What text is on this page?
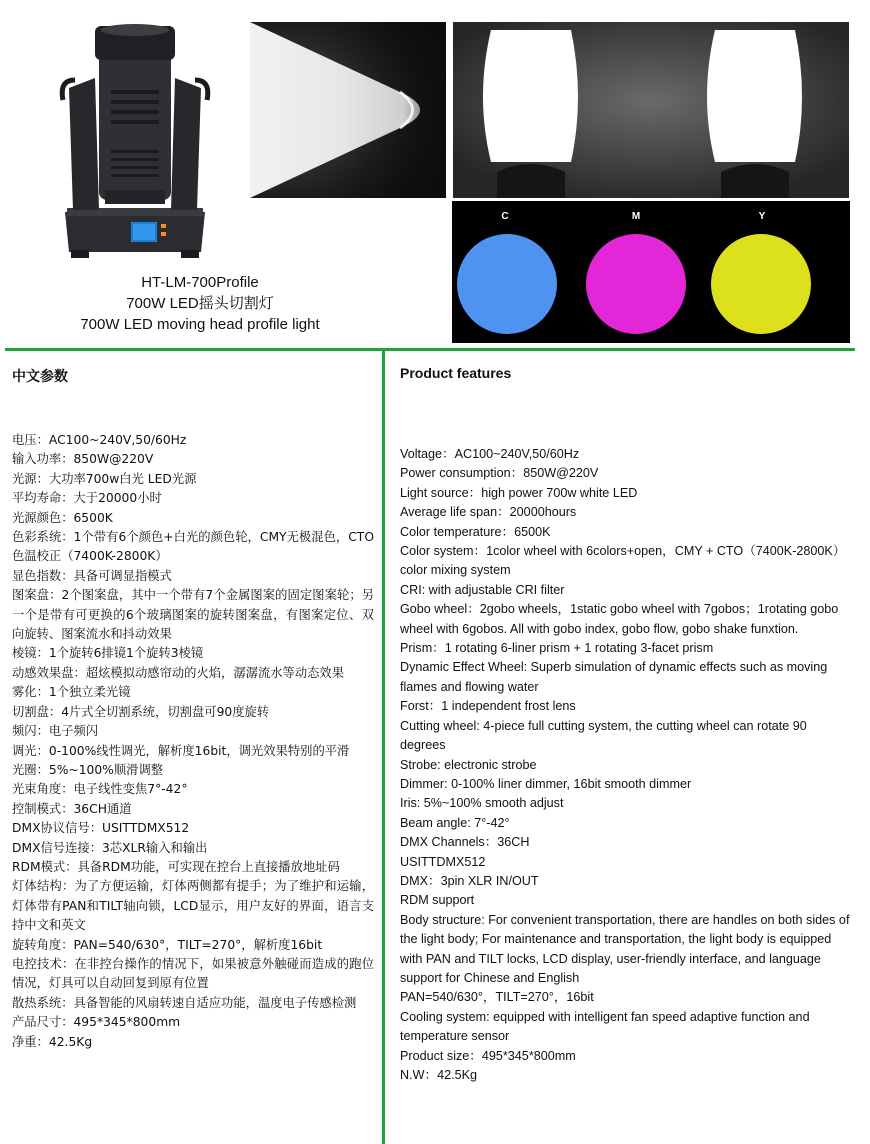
HT-LM-700Profile
700W LED摇头切割灯
700W LED moving head profile light
C	M	Y
中文参数

电压：AC100~240V,50/60Hz

输入功率：850W@220V

光源：大功率700w白光 LED光源

平均寿命：大于20000小时

光源颜色：6500K

色彩系统：1个带有6个颜色+白光的颜色轮，CMY无极混色，CTO色温校正（7400K-2800K）

显色指数：具备可调显指模式

图案盘：2个图案盘，其中一个带有7个金属图案的固定图案轮；另一个是带有可更换的6个玻璃图案的旋转图案盘，有图案定位、双向旋转、图案流水和抖动效果

棱镜：1个旋转6排镜1个旋转3棱镜

动感效果盘：超炫模拟动感帘动的火焰，潺潺流水等动态效果

雾化：1个独立柔光镜

切割盘：4片式全切割系统，切割盘可90度旋转

频闪：电子频闪

调光：0-100%线性调光，解析度16bit，调光效果特别的平滑

光圈：5%~100%顺滑调整

光束角度：电子线性变焦7°-42°

控制模式：36CH通道

DMX协议信号：USITTDMX512

DMX信号连接：3芯XLR输入和输出

RDM模式：具备RDM功能，可实现在控台上直接播放地址码

灯体结构：为了方便运输，灯体两侧都有提手；为了维护和运输，灯体带有PAN和TILT轴向锁，LCD显示，用户友好的界面，语言支持中文和英文

旋转角度：PAN=540/630°，TILT=270°，解析度16bit

电控技术：在非控台操作的情况下，如果被意外触碰而造成的跑位情况，灯具可以自动回复到原有位置

散热系统：具备智能的风扇转速自适应功能，温度电子传感检测

产品尺寸：495*345*800mm

净重：42.5Kg

Product features

Voltage：AC100~240V,50/60Hz

Power consumption：850W@220V

Light source：high power 700w white LED

Average life span：20000hours

Color temperature：6500K

Color system：1color wheel with 6colors+open，CMY + CTO（7400K-2800K） color mixing system

CRI: with adjustable CRI filter

Gobo wheel：2gobo wheels，1static gobo wheel with 7gobos；1rotating gobo wheel with 6gobos. All with gobo index, gobo flow, gobo shake funxtion.

Prism：1 rotating 6-liner prism + 1 rotating 3-facet prism

Dynamic Effect Wheel: Superb simulation of dynamic effects such as moving flames and flowing water

Forst：1 independent frost lens

Cutting wheel: 4-piece full cutting system, the cutting wheel can rotate 90 degrees

Strobe: electronic strobe

Dimmer: 0-100% liner dimmer, 16bit smooth dimmer

Iris: 5%~100% smooth adjust

Beam angle: 7°-42°

DMX Channels：36CH

USITTDMX512

DMX：3pin XLR IN/OUT

RDM support

Body structure: For convenient transportation, there are handles on both sides of the light body; For maintenance and transportation, the light body is equipped with PAN and TILT locks, LCD display, user-friendly interface, and language support for Chinese and English

PAN=540/630°，TILT=270°，16bit

Cooling system: equipped with intelligent fan speed adaptive function and temperature sensor

Product size：495*345*800mm

N.W：42.5Kg
